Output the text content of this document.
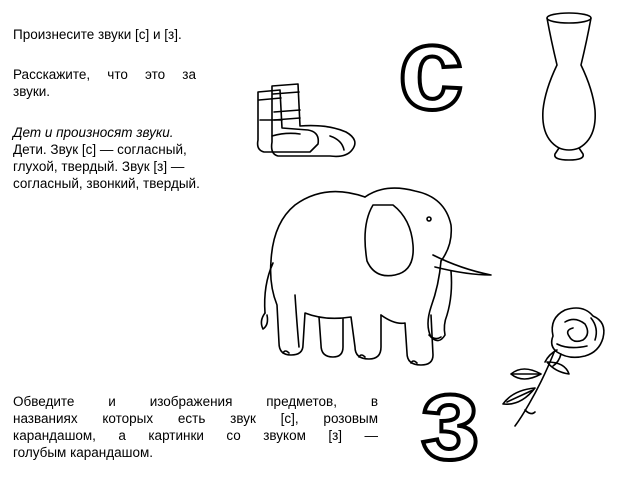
Произнесите звуки [с] и [з].

Расскажите, что это за

звуки.

Дет и произносят звуки.

Дети. Звук [с] — согласный,

глухой, твердый. Звук [з] —

согласный, звонкий, твердый.

Обведите и изображения предметов, в

названиях которых есть звук [с], розовым

карандашом, а картинки со звуком [з] —

голубым карандашом.

с
з
